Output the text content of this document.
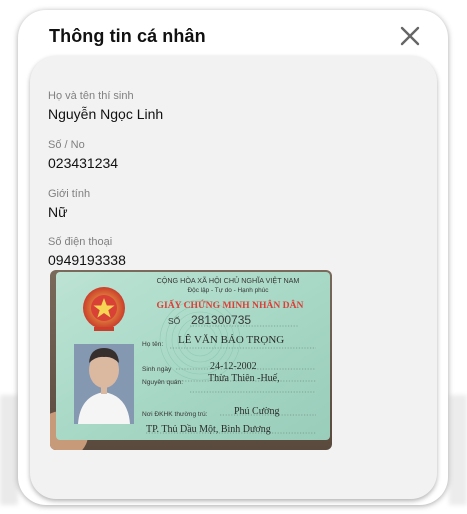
Thông tin cá nhân
Họ và tên thí sinh
Nguyễn Ngọc Linh
Số / No
023431234
Giới tính
Nữ
Số điện thoại
0949193338
CỘNG HÒA XÃ HỘI CHỦ NGHĨA VIỆT NAM
Độc lập - Tự do - Hạnh phúc
GIẤY CHỨNG MINH NHÂN DÂN
SỐ 281300735
Họ tên: LÊ VĂN BẢO TRỌNG
Sinh ngày	24-12-2002
Nguyên quán: Thừa Thiên -Huế,
Nơi ĐKHK thường trú:	Phú Cường
TP. Thủ Dầu Một, Bình Dương
